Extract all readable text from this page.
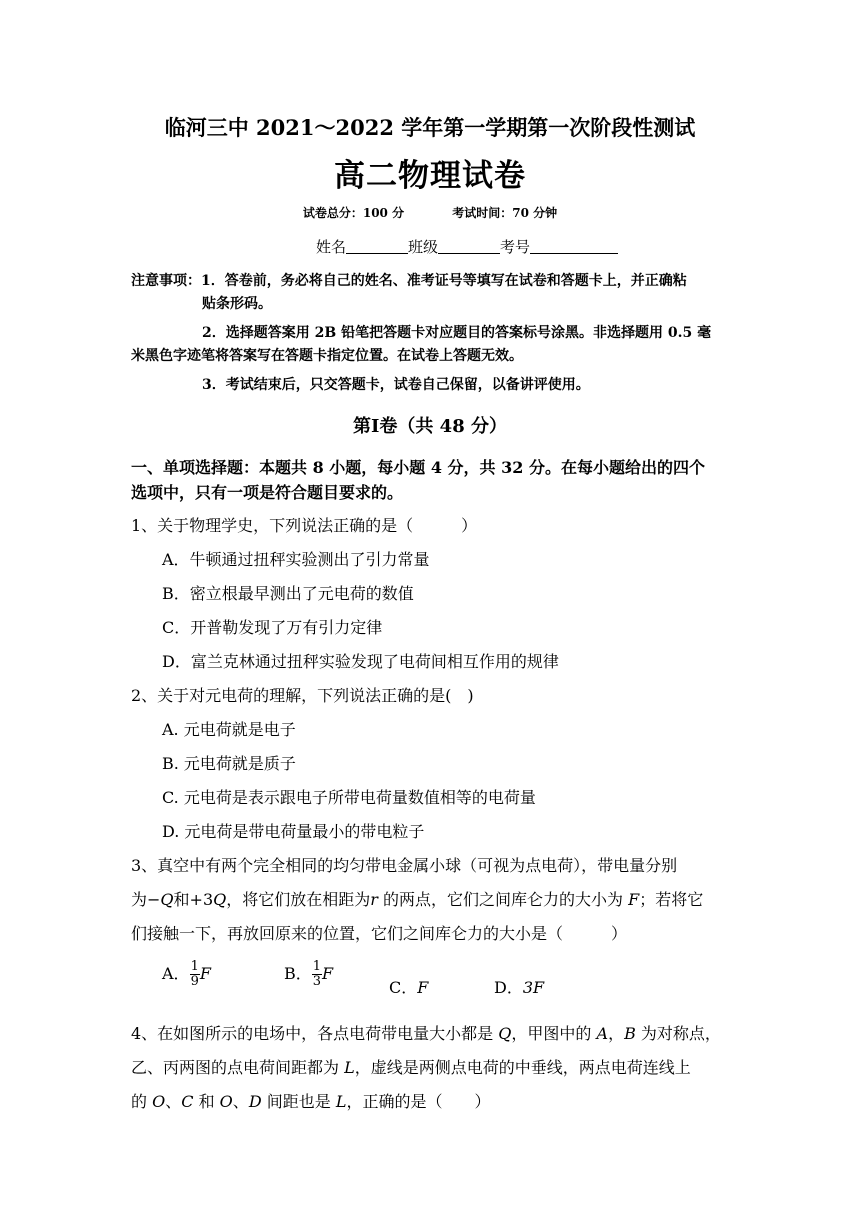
临河三中 2021～2022 学年第一学期第一次阶段性测试
高二物理试卷
试卷总分：100 分	考试时间：70 分钟
姓名	班级	考号
注意事项：1．答卷前，务必将自己的姓名、准考证号等填写在试卷和答题卡上，并正确粘
贴条形码。
2．选择题答案用 2B 铅笔把答题卡对应题目的答案标号涂黑。非选择题用 0.5 毫
米黑色字迹笔将答案写在答题卡指定位置。在试卷上答题无效。
3．考试结束后，只交答题卡，试卷自己保留，以备讲评使用。
第Ⅰ卷（共 48 分）
一、单项选择题：本题共 8 小题，每小题 4 分，共 32 分。在每小题给出的四个
选项中，只有一项是符合题目要求的。
1、关于物理学史，下列说法正确的是（　　　）
A．牛顿通过扭秤实验测出了引力常量
B．密立根最早测出了元电荷的数值
C．开普勒发现了万有引力定律
D．富兰克林通过扭秤实验发现了电荷间相互作用的规律
2、关于对元电荷的理解，下列说法正确的是(　)
A. 元电荷就是电子
B. 元电荷就是质子
C. 元电荷是表示跟电子所带电荷量数值相等的电荷量
D. 元电荷是带电荷量最小的带电粒子
3、真空中有两个完全相同的均匀带电金属小球（可视为点电荷），带电量分别
为−Q和+3Q，将它们放在相距为r 的两点，它们之间库仑力的大小为 F；若将它
们接触一下，再放回原来的位置，它们之间库仑力的大小是（　　　）
A． $\frac{1}{9}$ F	B． $\frac{1}{3}$ F
C．F	D．3F
4、在如图所示的电场中，各点电荷带电量大小都是 Q，甲图中的 A，B 为对称点，
乙、丙两图的点电荷间距都为 L，虚线是两侧点电荷的中垂线，两点电荷连线上
的 O、C 和 O、D 间距也是 L，正确的是（　　）
